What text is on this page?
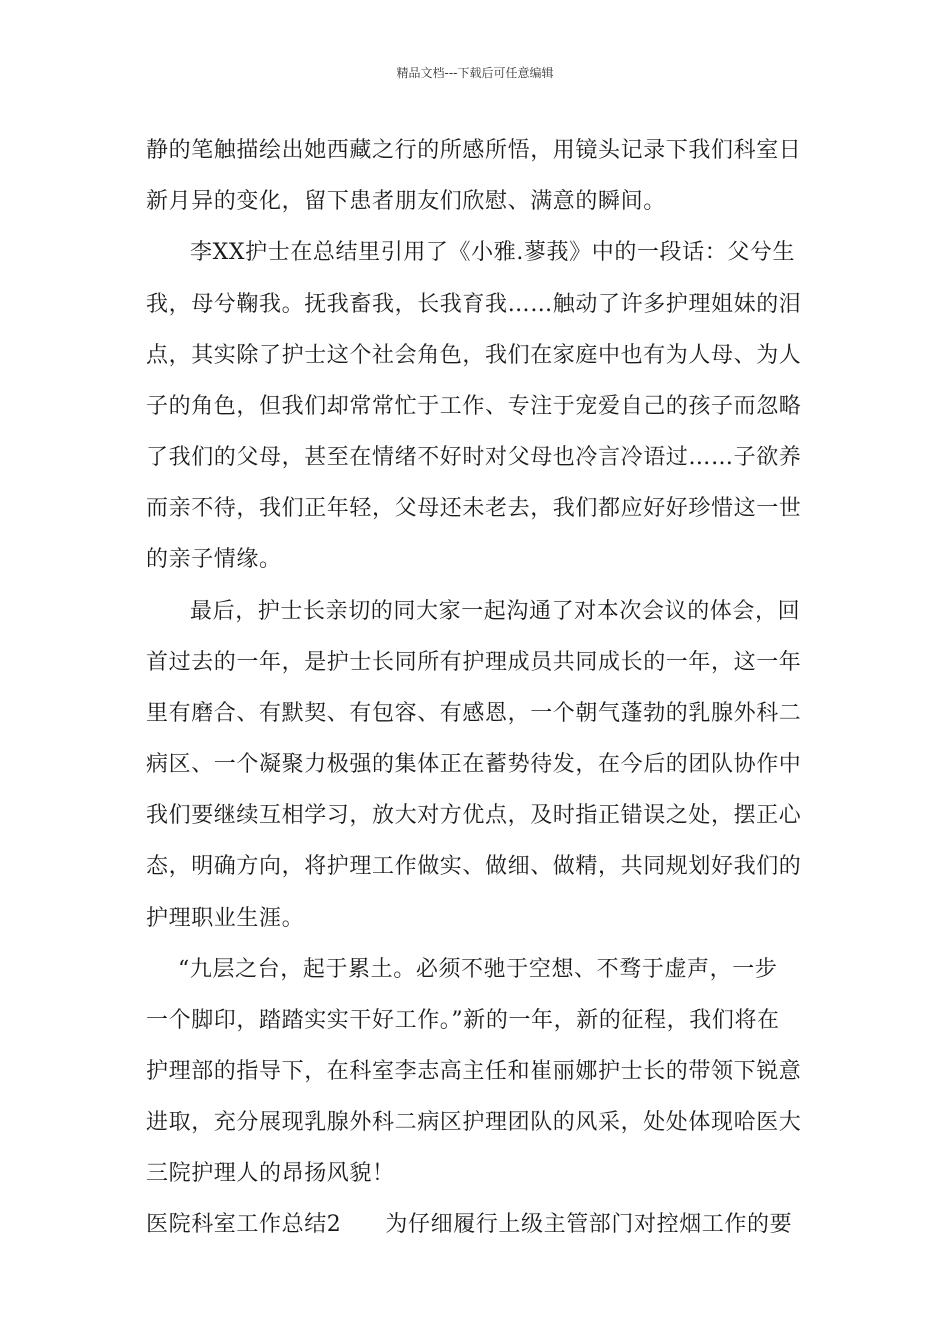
精品文档---下载后可任意编辑
静的笔触描绘出她西藏之行的所感所悟，用镜头记录下我们科室日
新月异的变化，留下患者朋友们欣慰、满意的瞬间。
李XX护士在总结里引用了《小雅.蓼莪》中的一段话：父兮生
我，母兮鞠我。抚我畜我，长我育我……触动了许多护理姐妹的泪
点，其实除了护士这个社会角色，我们在家庭中也有为人母、为人
子的角色，但我们却常常忙于工作、专注于宠爱自己的孩子而忽略
了我们的父母，甚至在情绪不好时对父母也冷言冷语过……子欲养
而亲不待，我们正年轻，父母还未老去，我们都应好好珍惜这一世
的亲子情缘。
最后，护士长亲切的同大家一起沟通了对本次会议的体会，回
首过去的一年，是护士长同所有护理成员共同成长的一年，这一年
里有磨合、有默契、有包容、有感恩，一个朝气蓬勃的乳腺外科二
病区、一个凝聚力极强的集体正在蓄势待发，在今后的团队协作中
我们要继续互相学习，放大对方优点，及时指正错误之处，摆正心
态，明确方向，将护理工作做实、做细、做精，共同规划好我们的
护理职业生涯。
“九层之台，起于累土。必须不驰于空想、不骛于虚声，一步
一个脚印，踏踏实实干好工作。”新的一年，新的征程，我们将在
护理部的指导下，在科室李志高主任和崔丽娜护士长的带领下锐意
进取，充分展现乳腺外科二病区护理团队的风采，处处体现哈医大
三院护理人的昂扬风貌！
医院科室工作总结2 为仔细履行上级主管部门对控烟工作的要
